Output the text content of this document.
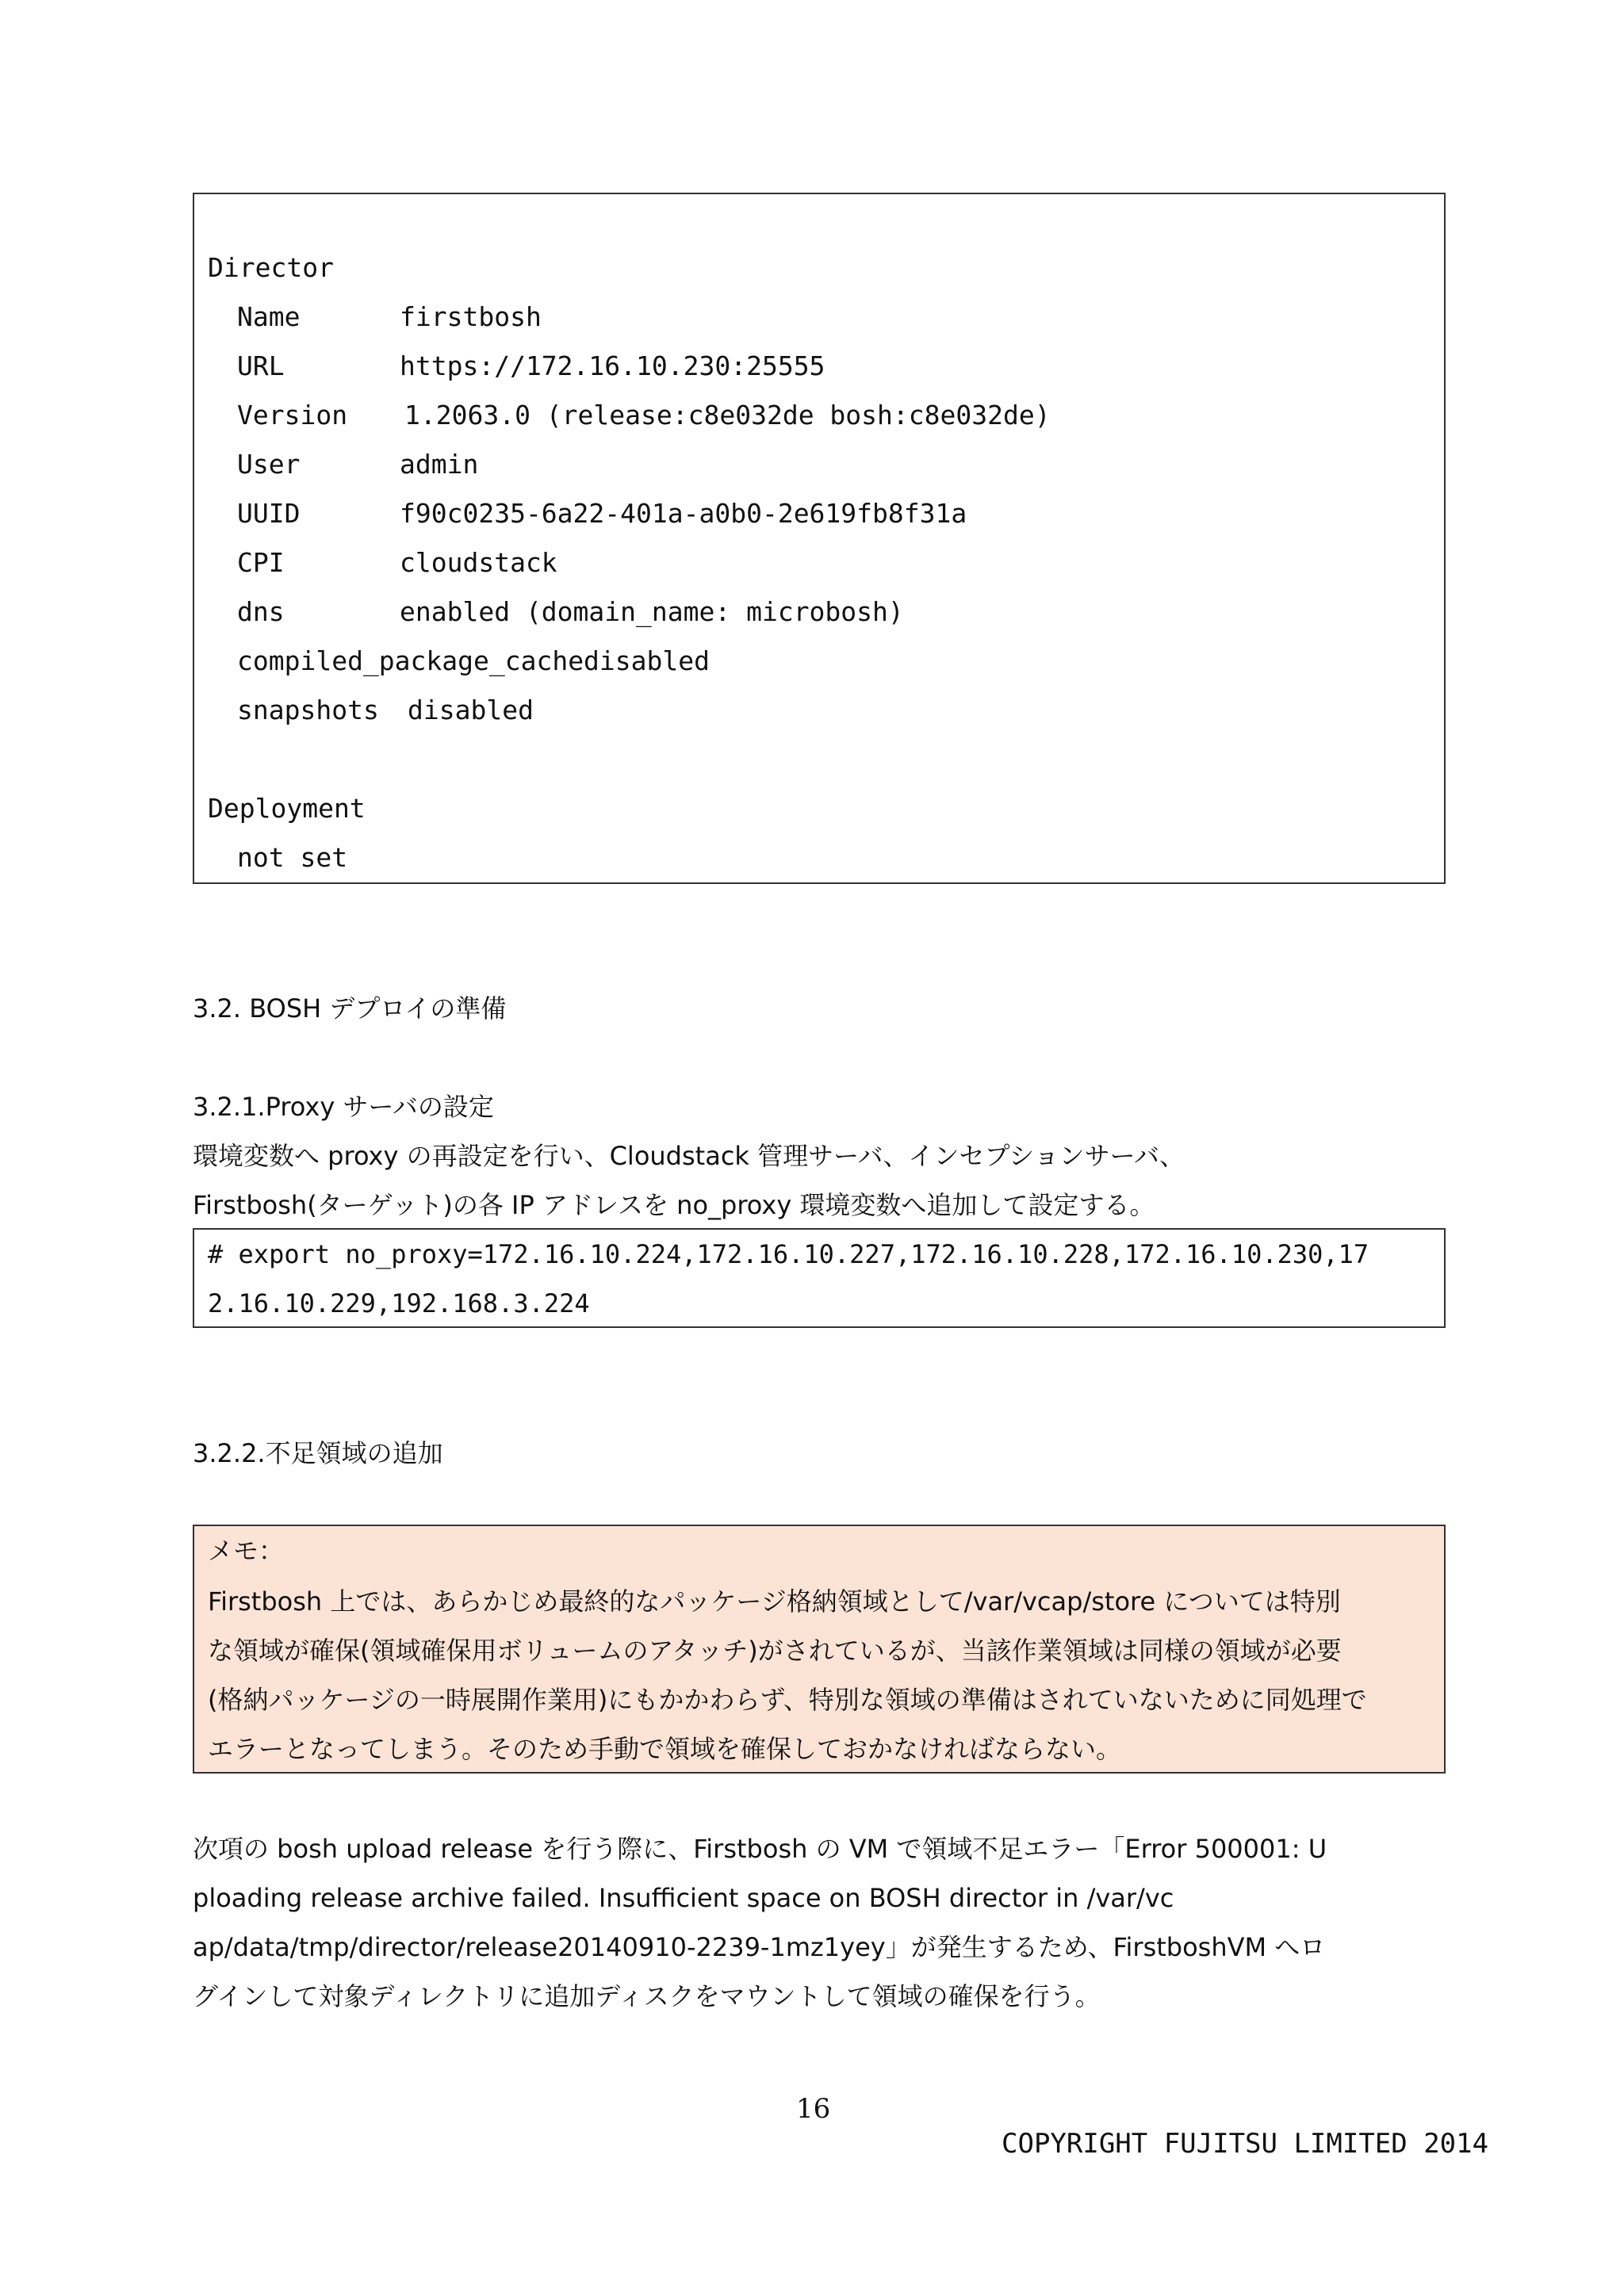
Director
Name	firstbosh
URL	https://172.16.10.230:25555
Version 1.2063.0 (release:c8e032de bosh:c8e032de)
User	admin
UUID	f90c0235-6a22-401a-a0b0-2e619fb8f31a
CPI	cloudstack
dns	enabled (domain_name: microbosh)
compiled_package_cache disabled
snapshots disabled
Deployment
not set
3.2. BOSH デプロイの準備
3.2.1.Proxy サーバの設定
環境変数へ proxy の再設定を行い、Cloudstack 管理サーバ、インセプションサーバ、
Firstbosh(ターゲット)の各 IP アドレスを no_proxy 環境変数へ追加して設定する。
# export no_proxy=172.16.10.224,172.16.10.227,172.16.10.228,172.16.10.230,17
2.16.10.229,192.168.3.224
3.2.2.不足領域の追加
メモ：
Firstbosh 上では、あらかじめ最終的なパッケージ格納領域として/var/vcap/store については特別
な領域が確保(領域確保用ボリュームのアタッチ)がされているが、当該作業領域は同様の領域が必要
(格納パッケージの一時展開作業用)にもかかわらず、特別な領域の準備はされていないために同処理で
エラーとなってしまう。そのため手動で領域を確保しておかなければならない。
次項の bosh upload release を行う際に、Firstbosh の VM で領域不足エラー「Error 500001: U
ploading release archive failed. Insufficient space on BOSH director in /var/vc
ap/data/tmp/director/release20140910-2239-1mz1yey」が発生するため、FirstboshVM へロ
グインして対象ディレクトリに追加ディスクをマウントして領域の確保を行う。
16
COPYRIGHT FUJITSU LIMITED 2014
